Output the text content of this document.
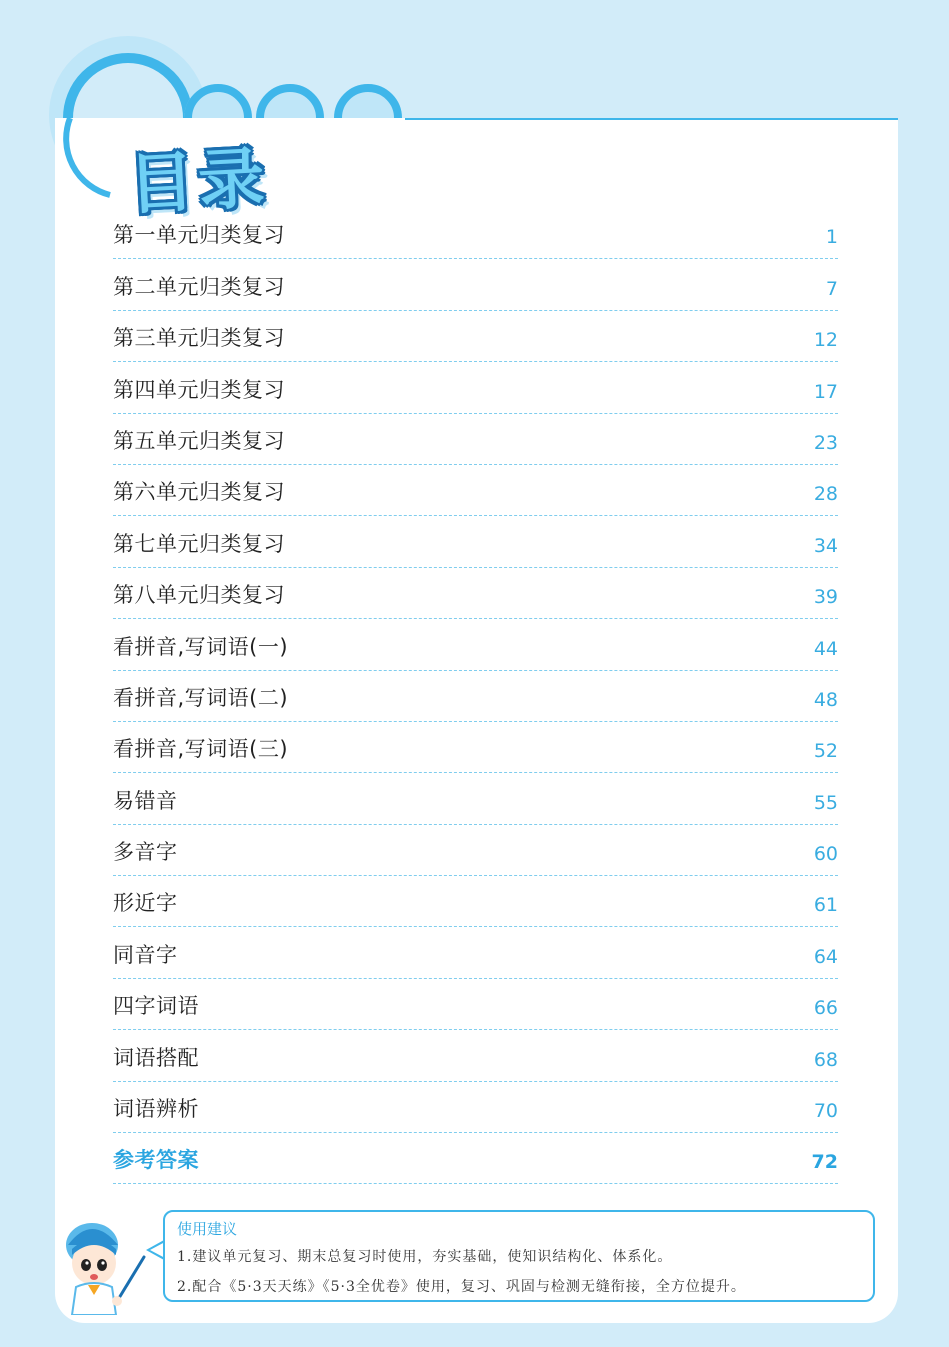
目录
第一单元归类复习	1
第二单元归类复习	7
第三单元归类复习	12
第四单元归类复习	17
第五单元归类复习	23
第六单元归类复习	28
第七单元归类复习	34
第八单元归类复习	39
看拼音,写词语(一)	44
看拼音,写词语(二)	48
看拼音,写词语(三)	52
易错音	55
多音字	60
形近字	61
同音字	64
四字词语	66
词语搭配	68
词语辨析	70
参考答案	72
使用建议
1.建议单元复习、期末总复习时使用，夯实基础，使知识结构化、体系化。
2.配合《5·3天天练》《5·3全优卷》使用，复习、巩固与检测无缝衔接，全方位提升。
